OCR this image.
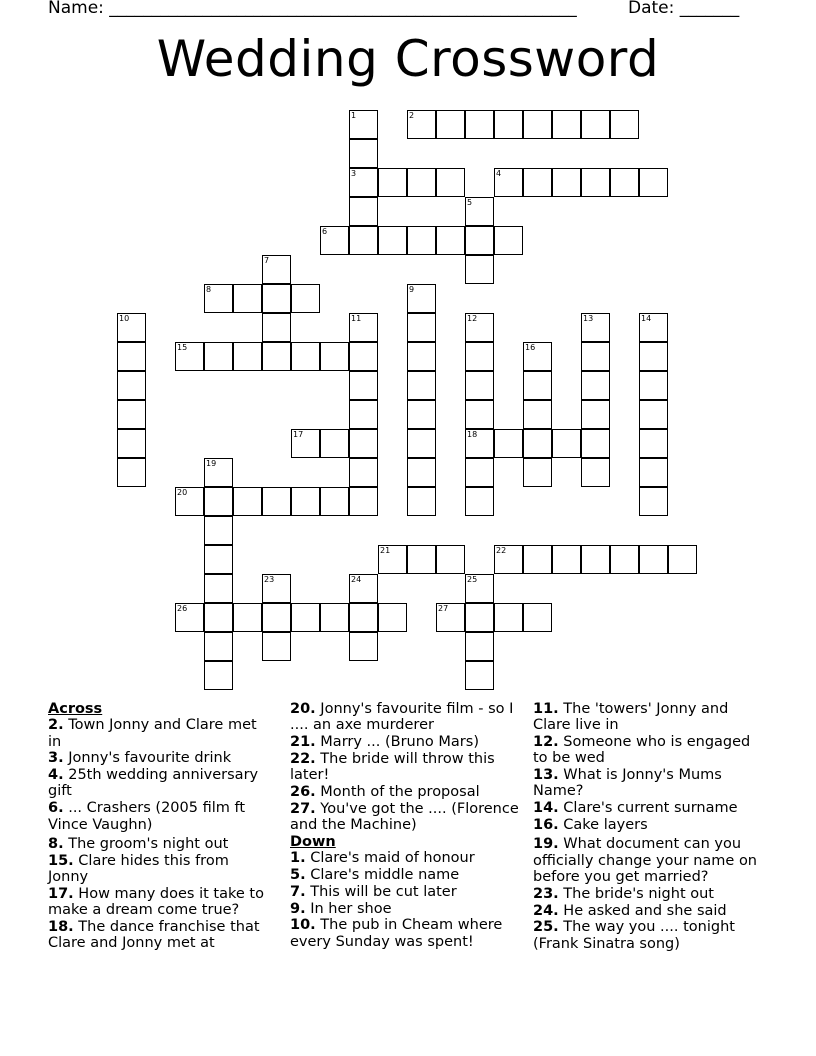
Name: _______________________________________________________	Date: _______
Wedding Crossword
1	2
3	4
5
6
7
8	9
10	11	12	13	14
15	16
17	18
19
20
21	22
23	24	25
26	27
Across
2. Town Jonny and Clare met in
3. Jonny's favourite drink
4. 25th wedding anniversary gift
6. ... Crashers (2005 film ft Vince Vaughn)
8. The groom's night out
15. Clare hides this from Jonny
17. How many does it take to make a dream come true?
18. The dance franchise that Clare and Jonny met at
20. Jonny's favourite film - so I .... an axe murderer
21. Marry ... (Bruno Mars)
22. The bride will throw this later!
26. Month of the proposal
27. You've got the .... (Florence and the Machine)
Down
1. Clare's maid of honour
5. Clare's middle name
7. This will be cut later
9. In her shoe
10. The pub in Cheam where every Sunday was spent!
11. The 'towers' Jonny and Clare live in
12. Someone who is engaged to be wed
13. What is Jonny's Mums Name?
14. Clare's current surname
16. Cake layers
19. What document can you officially change your name on before you get married?
23. The bride's night out
24. He asked and she said
25. The way you .... tonight (Frank Sinatra song)
